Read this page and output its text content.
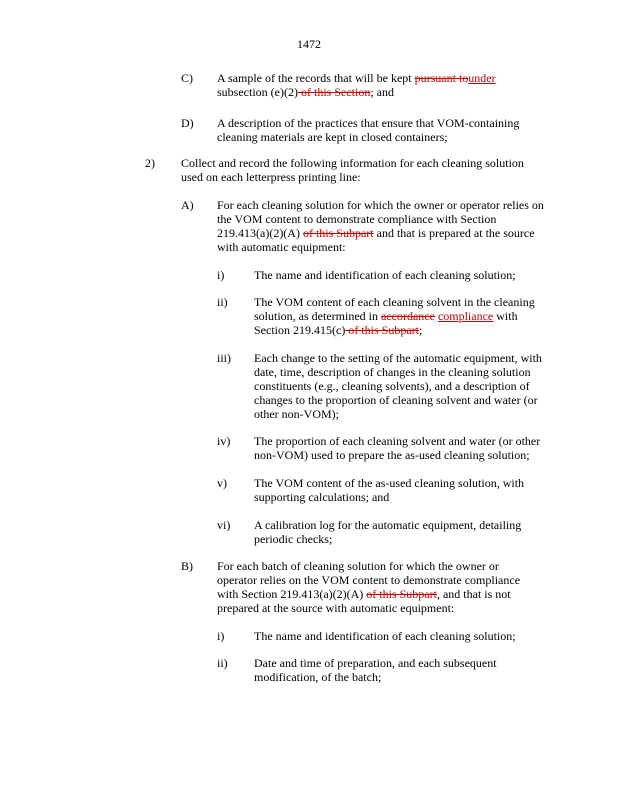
1472
C) A sample of the records that will be kept pursuant tounder subsection (e)(2) of this Section; and
D) A description of the practices that ensure that VOM-containing cleaning materials are kept in closed containers;
2) Collect and record the following information for each cleaning solution used on each letterpress printing line:
A) For each cleaning solution for which the owner or operator relies on the VOM content to demonstrate compliance with Section 219.413(a)(2)(A) of this Subpart and that is prepared at the source with automatic equipment:
i) The name and identification of each cleaning solution;
ii) The VOM content of each cleaning solvent in the cleaning solution, as determined in accordance compliance with Section 219.415(c) of this Subpart;
iii) Each change to the setting of the automatic equipment, with date, time, description of changes in the cleaning solution constituents (e.g., cleaning solvents), and a description of changes to the proportion of cleaning solvent and water (or other non-VOM);
iv) The proportion of each cleaning solvent and water (or other non-VOM) used to prepare the as-used cleaning solution;
v) The VOM content of the as-used cleaning solution, with supporting calculations; and
vi) A calibration log for the automatic equipment, detailing periodic checks;
B) For each batch of cleaning solution for which the owner or operator relies on the VOM content to demonstrate compliance with Section 219.413(a)(2)(A) of this Subpart, and that is not prepared at the source with automatic equipment:
i) The name and identification of each cleaning solution;
ii) Date and time of preparation, and each subsequent modification, of the batch;
